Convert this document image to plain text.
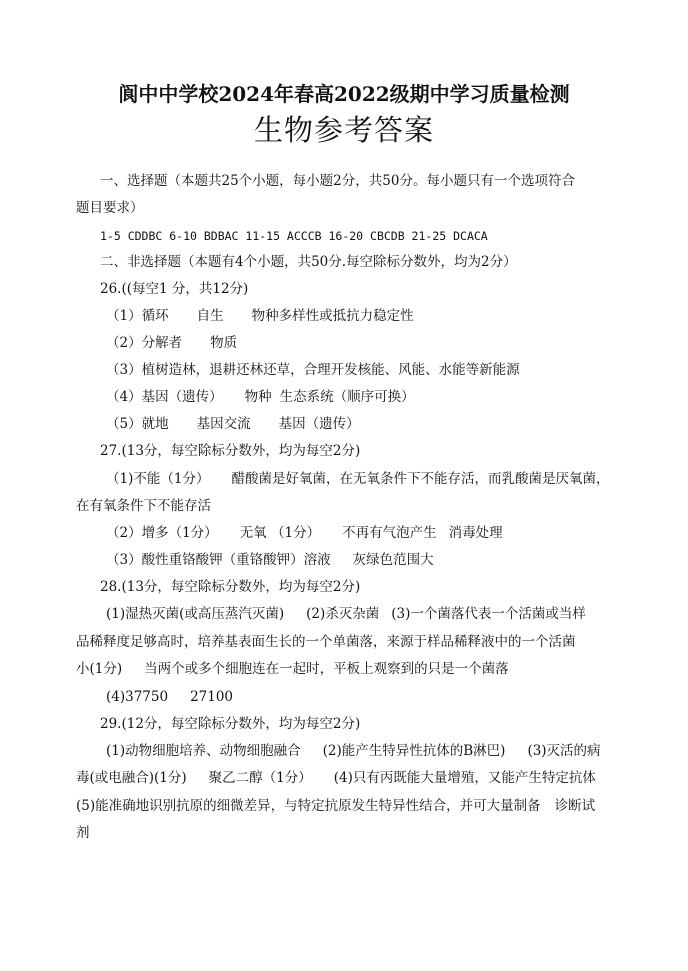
阆中中学校2024年春高2022级期中学习质量检测
生物参考答案
一、选择题（本题共25个小题，每小题2分，共50分。每小题只有一个选项符合
题目要求）
1-5 CDDBC 6-10 BDBAC 11-15 ACCCB 16-20 CBCDB 21-25 DCACA
二、非选择题（本题有4个小题，共50分.每空除标分数外，均为2分）
26.((每空1 分，共12分)
（1）循环 自生 物种多样性或抵抗力稳定性
（2）分解者 物质
（3）植树造林，退耕还林还草，合理开发核能、风能、水能等新能源
（4）基因（遗传） 物种 生态系统（顺序可换）
（5）就地 基因交流 基因（遗传）
27.(13分，每空除标分数外，均为每空2分)
（1)不能（1分） 醋酸菌是好氧菌，在无氧条件下不能存活，而乳酸菌是厌氧菌，
在有氧条件下不能存活
（2）增多（1分） 无氧 （1分） 不再有气泡产生 消毒处理
（3）酸性重铬酸钾（重铬酸钾）溶液 灰绿色范围大
28.(13分，每空除标分数外，均为每空2分)
(1)湿热灭菌(或高压蒸汽灭菌) (2)杀灭杂菌 (3)一个菌落代表一个活菌或当样
品稀释度足够高时，培养基表面生长的一个单菌落，来源于样品稀释液中的一个活菌
小(1分) 当两个或多个细胞连在一起时，平板上观察到的只是一个菌落
(4)37750 27100
29.(12分，每空除标分数外，均为每空2分)
(1)动物细胞培养、动物细胞融合 (2)能产生特异性抗体的B淋巴) (3)灭活的病
毒(或电融合)(1分) 聚乙二醇（1分） (4)只有丙既能大量增殖，又能产生特定抗体
(5)能准确地识别抗原的细微差异，与特定抗原发生特异性结合，并可大量制备 诊断试
剂
